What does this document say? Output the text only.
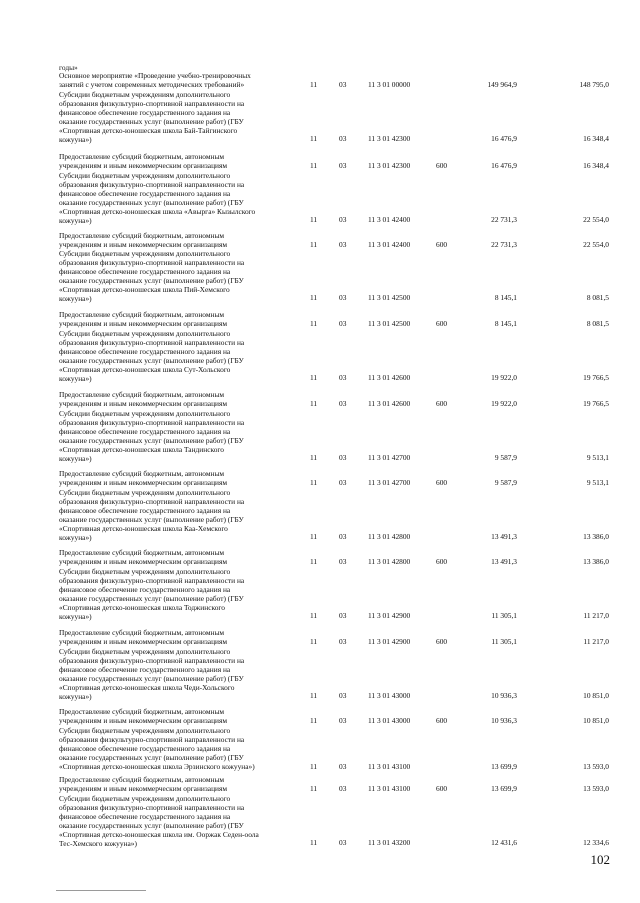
годы»
Основное мероприятие «Проведение учебно-тренировочных
занятий с учетом современных методических требований»	11	03	11 3 01 00000	149 964,9	148 795,0
Субсидии бюджетным учреждениям дополнительного
образования физкультурно-спортивной направленности на
финансовое обеспечение государственного задания на
оказание государственных услуг (выполнение работ) (ГБУ
«Спортивная детско-юношеская школа Бай-Тайгинского
кожууна»)	11	03	11 3 01 42300	16 476,9	16 348,4
Предоставление субсидий бюджетным, автономным
учреждениям и иным некоммерческим организациям	11	03	11 3 01 42300	600	16 476,9	16 348,4
Субсидии бюджетным учреждениям дополнительного
образования физкультурно-спортивной направленности на
финансовое обеспечение государственного задания на
оказание государственных услуг (выполнение работ) (ГБУ
«Спортивная детско-юношеская школа «Авырга» Кызылского
кожууна»)	11	03	11 3 01 42400	22 731,3	22 554,0
Предоставление субсидий бюджетным, автономным
учреждениям и иным некоммерческим организациям	11	03	11 3 01 42400	600	22 731,3	22 554,0
Субсидии бюджетным учреждениям дополнительного
образования физкультурно-спортивной направленности на
финансовое обеспечение государственного задания на
оказание государственных услуг (выполнение работ) (ГБУ
«Спортивная детско-юношеская школа Пий-Хемского
кожууна»)	11	03	11 3 01 42500	8 145,1	8 081,5
Предоставление субсидий бюджетным, автономным
учреждениям и иным некоммерческим организациям	11	03	11 3 01 42500	600	8 145,1	8 081,5
Субсидии бюджетным учреждениям дополнительного
образования физкультурно-спортивной направленности на
финансовое обеспечение государственного задания на
оказание государственных услуг (выполнение работ) (ГБУ
«Спортивная детско-юношеская школа Сут-Хольского
кожууна»)	11	03	11 3 01 42600	19 922,0	19 766,5
Предоставление субсидий бюджетным, автономным
учреждениям и иным некоммерческим организациям	11	03	11 3 01 42600	600	19 922,0	19 766,5
Субсидии бюджетным учреждениям дополнительного
образования физкультурно-спортивной направленности на
финансовое обеспечение государственного задания на
оказание государственных услуг (выполнение работ) (ГБУ
«Спортивная детско-юношеская школа Тандинского
кожууна»)	11	03	11 3 01 42700	9 587,9	9 513,1
Предоставление субсидий бюджетным, автономным
учреждениям и иным некоммерческим организациям	11	03	11 3 01 42700	600	9 587,9	9 513,1
Субсидии бюджетным учреждениям дополнительного
образования физкультурно-спортивной направленности на
финансовое обеспечение государственного задания на
оказание государственных услуг (выполнение работ) (ГБУ
«Спортивная детско-юношеская школа Каа-Хемского
кожууна»)	11	03	11 3 01 42800	13 491,3	13 386,0
Предоставление субсидий бюджетным, автономным
учреждениям и иным некоммерческим организациям	11	03	11 3 01 42800	600	13 491,3	13 386,0
Субсидии бюджетным учреждениям дополнительного
образования физкультурно-спортивной направленности на
финансовое обеспечение государственного задания на
оказание государственных услуг (выполнение работ) (ГБУ
«Спортивная детско-юношеская школа Тоджинского
кожууна»)	11	03	11 3 01 42900	11 305,1	11 217,0
Предоставление субсидий бюджетным, автономным
учреждениям и иным некоммерческим организациям	11	03	11 3 01 42900	600	11 305,1	11 217,0
Субсидии бюджетным учреждениям дополнительного
образования физкультурно-спортивной направленности на
финансовое обеспечение государственного задания на
оказание государственных услуг (выполнение работ) (ГБУ
«Спортивная детско-юношеская школа Чеди-Хольского
кожууна»)	11	03	11 3 01 43000	10 936,3	10 851,0
Предоставление субсидий бюджетным, автономным
учреждениям и иным некоммерческим организациям	11	03	11 3 01 43000	600	10 936,3	10 851,0
Субсидии бюджетным учреждениям дополнительного
образования физкультурно-спортивной направленности на
финансовое обеспечение государственного задания на
оказание государственных услуг (выполнение работ) (ГБУ
«Спортивная детско-юношеская школа Эрзинского кожууна»)	11	03	11 3 01 43100	13 699,9	13 593,0
Предоставление субсидий бюджетным, автономным
учреждениям и иным некоммерческим организациям	11	03	11 3 01 43100	600	13 699,9	13 593,0
Субсидии бюджетным учреждениям дополнительного
образования физкультурно-спортивной направленности на
финансовое обеспечение государственного задания на
оказание государственных услуг (выполнение работ) (ГБУ
«Спортивная детско-юношеская школа им. Ооржак Седен-оола
Тес-Хемского кожууна»)	11	03	11 3 01 43200	12 431,6	12 334,6
102
